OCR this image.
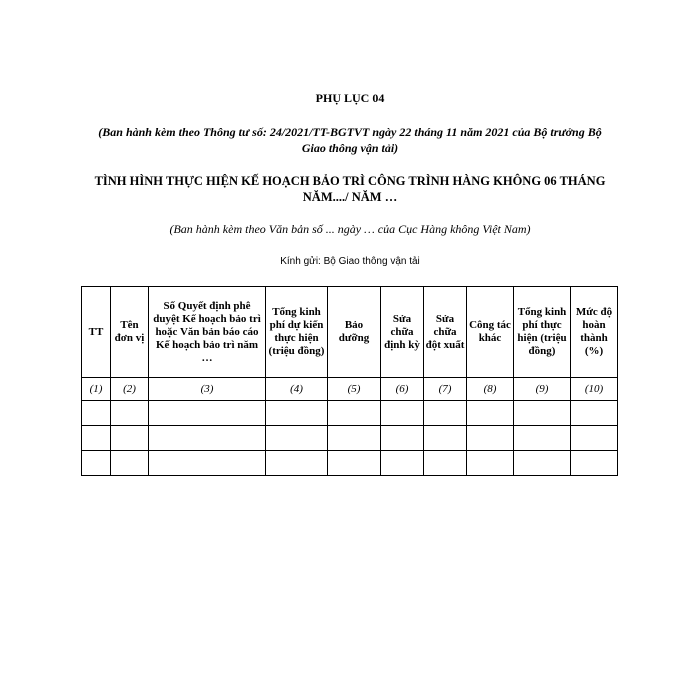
PHỤ LỤC 04
(Ban hành kèm theo Thông tư số: 24/2021/TT-BGTVT ngày 22 tháng 11 năm 2021 của Bộ trưởng Bộ Giao thông vận tải)
TÌNH HÌNH THỰC HIỆN KẾ HOẠCH BẢO TRÌ CÔNG TRÌNH HÀNG KHÔNG 06 THÁNG NĂM..../ NĂM …
(Ban hành kèm theo Văn bản số ... ngày … của Cục Hàng không Việt Nam)
Kính gửi: Bộ Giao thông vận tải
TT	Tên đơn vị	Số Quyết định phê duyệt Kế hoạch bảo trì hoặc Văn bản báo cáo Kế hoạch bảo trì năm …	Tổng kinh phí dự kiến thực hiện (triệu đồng)	Bảo dưỡng	Sửa chữa định kỳ	Sửa chữa đột xuất	Công tác khác	Tổng kinh phí thực hiện (triệu đồng)	Mức độ hoàn thành (%)
(1)	(2)	(3)	(4)	(5)	(6)	(7)	(8)	(9)	(10)
